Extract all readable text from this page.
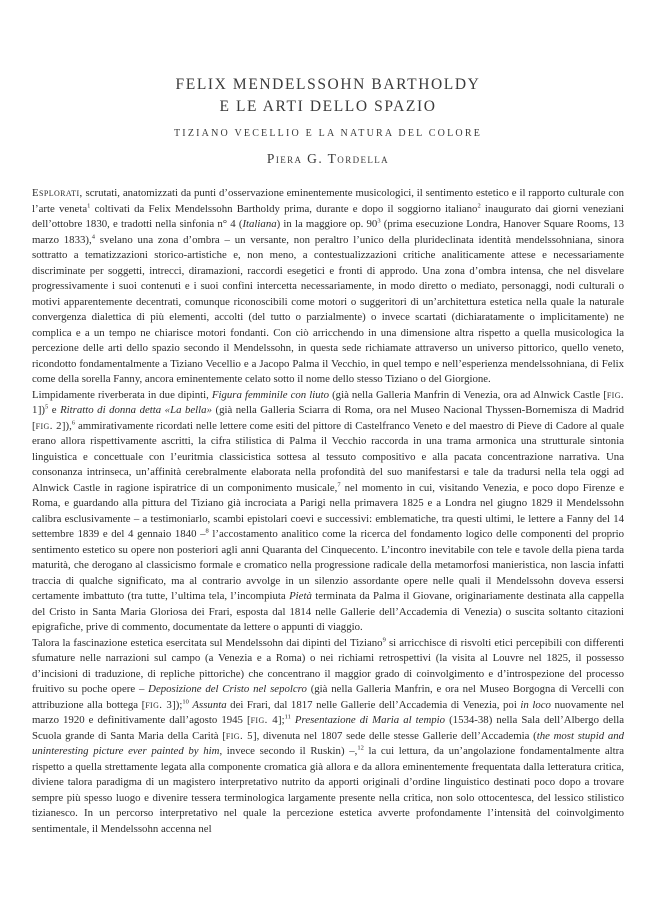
FELIX MENDELSSOHN BARTHOLDY
E LE ARTI DELLO SPAZIO
TIZIANO VECELLIO E LA NATURA DEL COLORE
Piera G. Tordella

Esplorati, scrutati, anatomizzati da punti d’osservazione eminentemente musicologici, il sentimento estetico e il rapporto culturale con l’arte veneta$^1$ coltivati da Felix Mendelssohn Bartholdy prima, durante e dopo il soggiorno italiano$^2$ inaugurato dai giorni veneziani dell’ottobre 1830, e tradotti nella sinfonia n° 4 (Italiana) in la maggiore op. 90$^3$ (prima esecuzione Londra, Hanover Square Rooms, 13 marzo 1833),$^4$ svelano una zona d’ombra – un versante, non peraltro l’unico della plurideclinata identità mendelssohniana, sinora sottratto a tematizzazioni storico-artistiche e, non meno, a contestualizzazioni critiche analiticamente attese e necessariamente discriminate per soggetti, intrecci, diramazioni, raccordi esegetici e fronti di approdo. Una zona d’ombra intensa, che nel disvelare progressivamente i suoi contenuti e i suoi confini intercetta necessariamente, in modo diretto o mediato, personaggi, nodi culturali o motivi apparentemente decentrati, comunque riconoscibili come motori o suggeritori di un’architettura estetica nella quale la naturale convergenza dialettica di più elementi, accolti (del tutto o parzialmente) o invece scartati (dichiaratamente o implicitamente) ne complica e a un tempo ne chiarisce motori fondanti. Con ciò arricchendo in una dimensione altra rispetto a quella musicologica la percezione delle arti dello spazio secondo il Mendelssohn, in questa sede richiamate attraverso un universo pittorico, quello veneto, ricondotto fondamentalmente a Tiziano Vecellio e a Jacopo Palma il Vecchio, in quel tempo e nell’esperienza mendelssohniana, di Felix come della sorella Fanny, ancora eminentemente celato sotto il nome dello stesso Tiziano o del Giorgione.

Limpidamente riverberata in due dipinti, Figura femminile con liuto (già nella Galleria Manfrin di Venezia, ora ad Alnwick Castle [fig. 1])$^5$ e Ritratto di donna detta «La bella» (già nella Galleria Sciarra di Roma, ora nel Museo Nacional Thyssen-Bornemisza di Madrid [fig. 2]),$^6$ ammirativamente ricordati nelle lettere come esiti del pittore di Castelfranco Veneto e del maestro di Pieve di Cadore al quale erano allora rispettivamente ascritti, la cifra stilistica di Palma il Vecchio raccorda in una trama armonica una strutturale sintonia linguistica e concettuale con l’euritmia classicistica sottesa al tessuto compositivo e alla pacata concentrazione narrativa. Una consonanza intrinseca, un’affinità cerebralmente elaborata nella profondità del suo manifestarsi e tale da tradursi nella tela oggi ad Alnwick Castle in ragione ispiratrice di un componimento musicale,$^7$ nel momento in cui, visitando Venezia, e poco dopo Firenze e Roma, e guardando alla pittura del Tiziano già incrociata a Parigi nella primavera 1825 e a Londra nel giugno 1829 il Mendelssohn calibra esclusivamente – a testimoniarlo, scambi epistolari coevi e successivi: emblematiche, tra questi ultimi, le lettere a Fanny del 14 settembre 1839 e del 4 gennaio 1840 –$^8$ l’accostamento analitico come la ricerca del fondamento logico delle componenti del proprio sentimento estetico su opere non posteriori agli anni Quaranta del Cinquecento. L’incontro inevitabile con tele e tavole della piena tarda maturità, che derogano al classicismo formale e cromatico nella progressione radicale della metamorfosi manieristica, non lascia infatti traccia di qualche significato, ma al contrario avvolge in un silenzio assordante opere nelle quali il Mendelssohn doveva essersi certamente imbattuto (tra tutte, l’ultima tela, l’incompiuta Pietà terminata da Palma il Giovane, originariamente destinata alla cappella del Cristo in Santa Maria Gloriosa dei Frari, esposta dal 1814 nelle Gallerie dell’Accademia di Venezia) o suscita soltanto citazioni epigrafiche, prive di commento, documentate da lettere o appunti di viaggio.

Talora la fascinazione estetica esercitata sul Mendelssohn dai dipinti del Tiziano$^9$ si arricchisce di risvolti etici percepibili con differenti sfumature nelle narrazioni sul campo (a Venezia e a Roma) o nei richiami retrospettivi (la visita al Louvre nel 1825, il possesso d’incisioni di traduzione, di repliche pittoriche) che concentrano il maggior grado di coinvolgimento e d’introspezione del processo fruitivo su poche opere – Deposizione del Cristo nel sepolcro (già nella Galleria Manfrin, e ora nel Museo Borgogna di Vercelli con attribuzione alla bottega [fig. 3]);$^{10}$ Assunta dei Frari, dal 1817 nelle Gallerie dell’Accademia di Venezia, poi in loco nuovamente nel marzo 1920 e definitivamente dall’agosto 1945 [fig. 4];$^{11}$ Presentazione di Maria al tempio (1534-38) nella Sala dell’Albergo della Scuola grande di Santa Maria della Carità [fig. 5], divenuta nel 1807 sede delle stesse Gallerie dell’Accademia (the most stupid and uninteresting picture ever painted by him, invece secondo il Ruskin) –,$^{12}$ la cui lettura, da un’angolazione fondamentalmente altra rispetto a quella strettamente legata alla componente cromatica già allora e da allora eminentemente frequentata dalla letteratura critica, diviene talora paradigma di un magistero interpretativo nutrito da apporti originali d’ordine linguistico destinati poco dopo a trovare sempre più spesso luogo e divenire tessera terminologica largamente presente nella critica, non solo ottocentesca, del lessico stilistico tizianesco. In un percorso interpretativo nel quale la percezione estetica avverte profondamente l’intensità del coinvolgimento sentimentale, il Mendelssohn accenna nel
